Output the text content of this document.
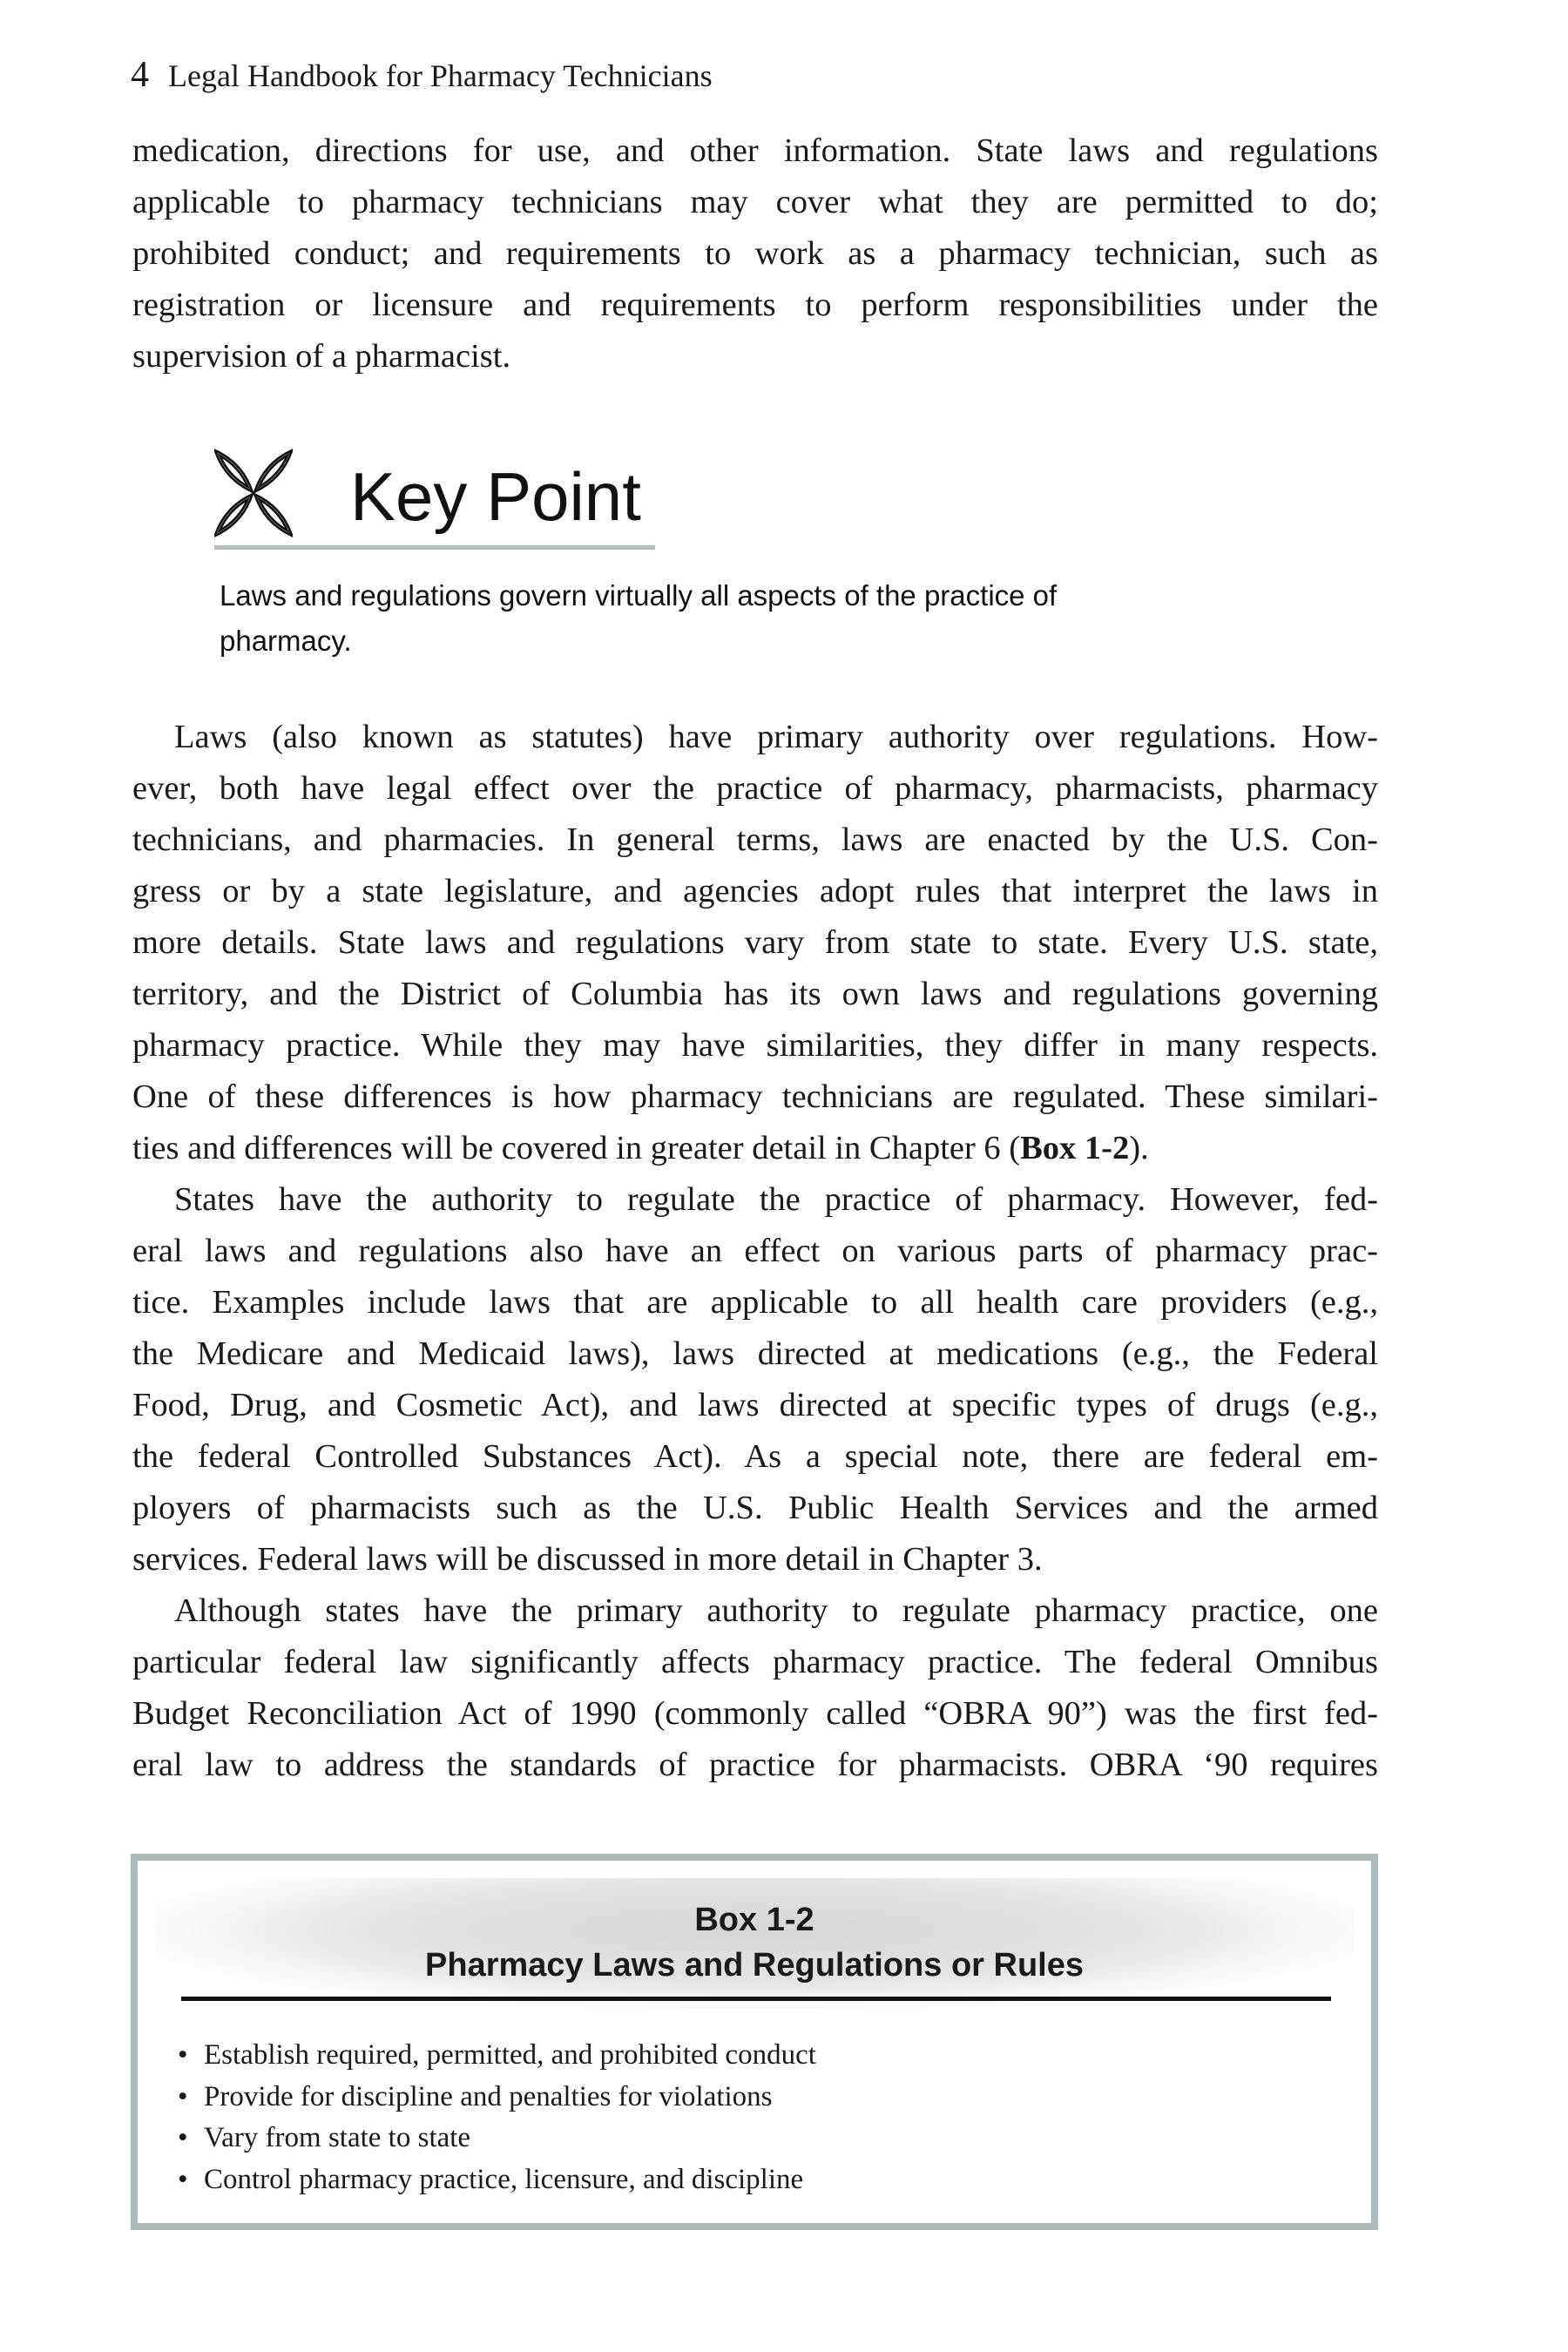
4 Legal Handbook for Pharmacy Technicians
medication, directions for use, and other information. State laws and regulations
applicable to pharmacy technicians may cover what they are permitted to do;
prohibited conduct; and requirements to work as a pharmacy technician, such as
registration or licensure and requirements to perform responsibilities under the
supervision of a pharmacist.
Key Point
Laws and regulations govern virtually all aspects of the practice of
pharmacy.
Laws (also known as statutes) have primary authority over regulations. How-
ever, both have legal effect over the practice of pharmacy, pharmacists, pharmacy
technicians, and pharmacies. In general terms, laws are enacted by the U.S. Con-
gress or by a state legislature, and agencies adopt rules that interpret the laws in
more details. State laws and regulations vary from state to state. Every U.S. state,
territory, and the District of Columbia has its own laws and regulations governing
pharmacy practice. While they may have similarities, they differ in many respects.
One of these differences is how pharmacy technicians are regulated. These similari-
ties and differences will be covered in greater detail in Chapter 6 (Box 1-2).
States have the authority to regulate the practice of pharmacy. However, fed-
eral laws and regulations also have an effect on various parts of pharmacy prac-
tice. Examples include laws that are applicable to all health care providers (e.g.,
the Medicare and Medicaid laws), laws directed at medications (e.g., the Federal
Food, Drug, and Cosmetic Act), and laws directed at specific types of drugs (e.g.,
the federal Controlled Substances Act). As a special note, there are federal em-
ployers of pharmacists such as the U.S. Public Health Services and the armed
services. Federal laws will be discussed in more detail in Chapter 3.
Although states have the primary authority to regulate pharmacy practice, one
particular federal law significantly affects pharmacy practice. The federal Omnibus
Budget Reconciliation Act of 1990 (commonly called “OBRA 90”) was the first fed-
eral law to address the standards of practice for pharmacists. OBRA ‘90 requires
Box 1-2
Pharmacy Laws and Regulations or Rules
• Establish required, permitted, and prohibited conduct
• Provide for discipline and penalties for violations
• Vary from state to state
• Control pharmacy practice, licensure, and discipline
